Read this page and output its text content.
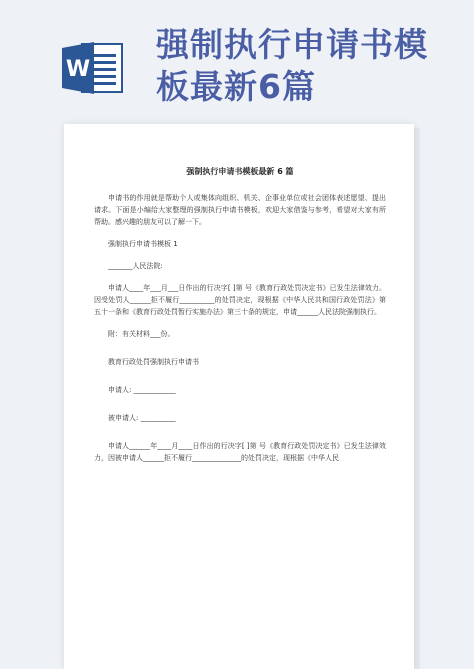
W
强制执行申请书模板最新6篇
强制执行申请书模板最新 6 篇

申请书的作用就是帮助个人或集体向组织、机关、企事业单位或社会团体表述愿望、提出请求。下面是小编给大家整理的强制执行申请书模板，欢迎大家借鉴与参考，希望对大家有所帮助。感兴趣的朋友可以了解一下。

强制执行申请书模板 1

_______人民法院:

申请人____年___月___日作出的行决字[ ]第 号《教育行政处罚决定书》已发生法律效力。因受处罚人______拒不履行__________的处罚决定，现根据《中华人民共和国行政处罚法》第五十一条和《教育行政处罚暂行实施办法》第三十条的规定，申请______人民法院强制执行。

附：有关材料___份。

教育行政处罚强制执行申请书

申请人: ____________

被申请人: __________

申请人______年____月____日作出的行决字[ ]第 号《教育行政处罚决定书》已发生法律效力，因被申请人______拒不履行______________的处罚决定，现根据《中华人民
